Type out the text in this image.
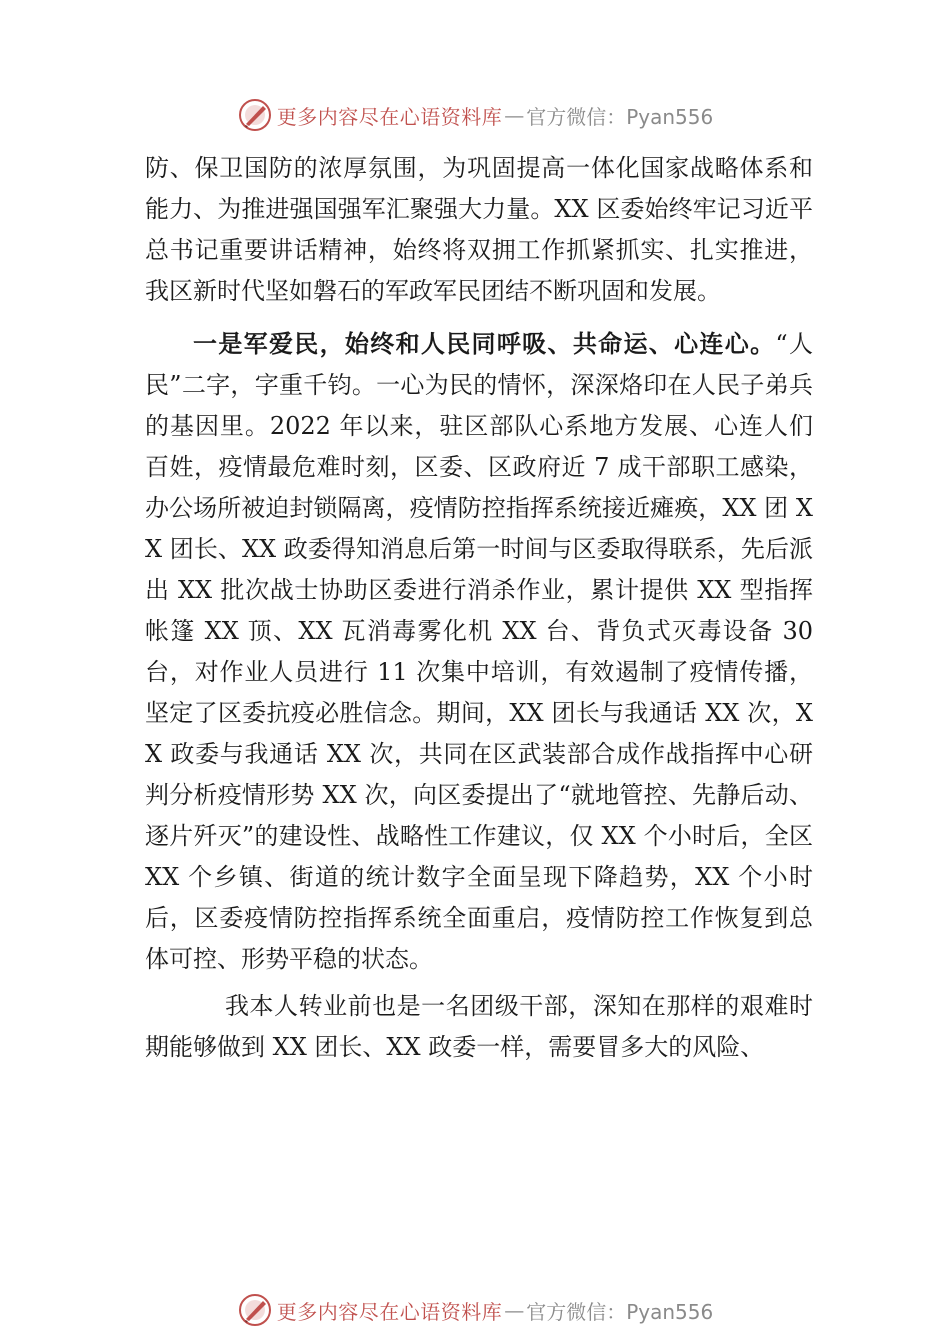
更多内容尽在心语资料库 — 官方微信：Pyan556

防、保卫国防的浓厚氛围，为巩固提高一体化国家战略体系和能力、为推进强国强军汇聚强大力量。XX 区委始终牢记习近平总书记重要讲话精神，始终将双拥工作抓紧抓实、扎实推进，我区新时代坚如磐石的军政军民团结不断巩固和发展。

一是军爱民，始终和人民同呼吸、共命运、心连心。“人民”二字，字重千钧。一心为民的情怀，深深烙印在人民子弟兵的基因里。2022 年以来，驻区部队心系地方发展、心连人们百姓，疫情最危难时刻，区委、区政府近 7 成干部职工感染，办公场所被迫封锁隔离，疫情防控指挥系统接近瘫痪，XX 团 XX 团长、XX 政委得知消息后第一时间与区委取得联系，先后派出 XX 批次战士协助区委进行消杀作业，累计提供 XX 型指挥帐篷 XX 顶、XX 瓦消毒雾化机 XX 台、背负式灭毒设备 30 台，对作业人员进行 11 次集中培训，有效遏制了疫情传播，坚定了区委抗疫必胜信念。期间，XX 团长与我通话 XX 次，XX 政委与我通话 XX 次，共同在区武装部合成作战指挥中心研判分析疫情形势 XX 次，向区委提出了“就地管控、先静后动、逐片歼灭”的建设性、战略性工作建议，仅 XX 个小时后，全区 XX 个乡镇、街道的统计数字全面呈现下降趋势，XX 个小时后，区委疫情防控指挥系统全面重启，疫情防控工作恢复到总体可控、形势平稳的状态。

我本人转业前也是一名团级干部，深知在那样的艰难时期能够做到 XX 团长、XX 政委一样，需要冒多大的风险、

更多内容尽在心语资料库 — 官方微信：Pyan556
